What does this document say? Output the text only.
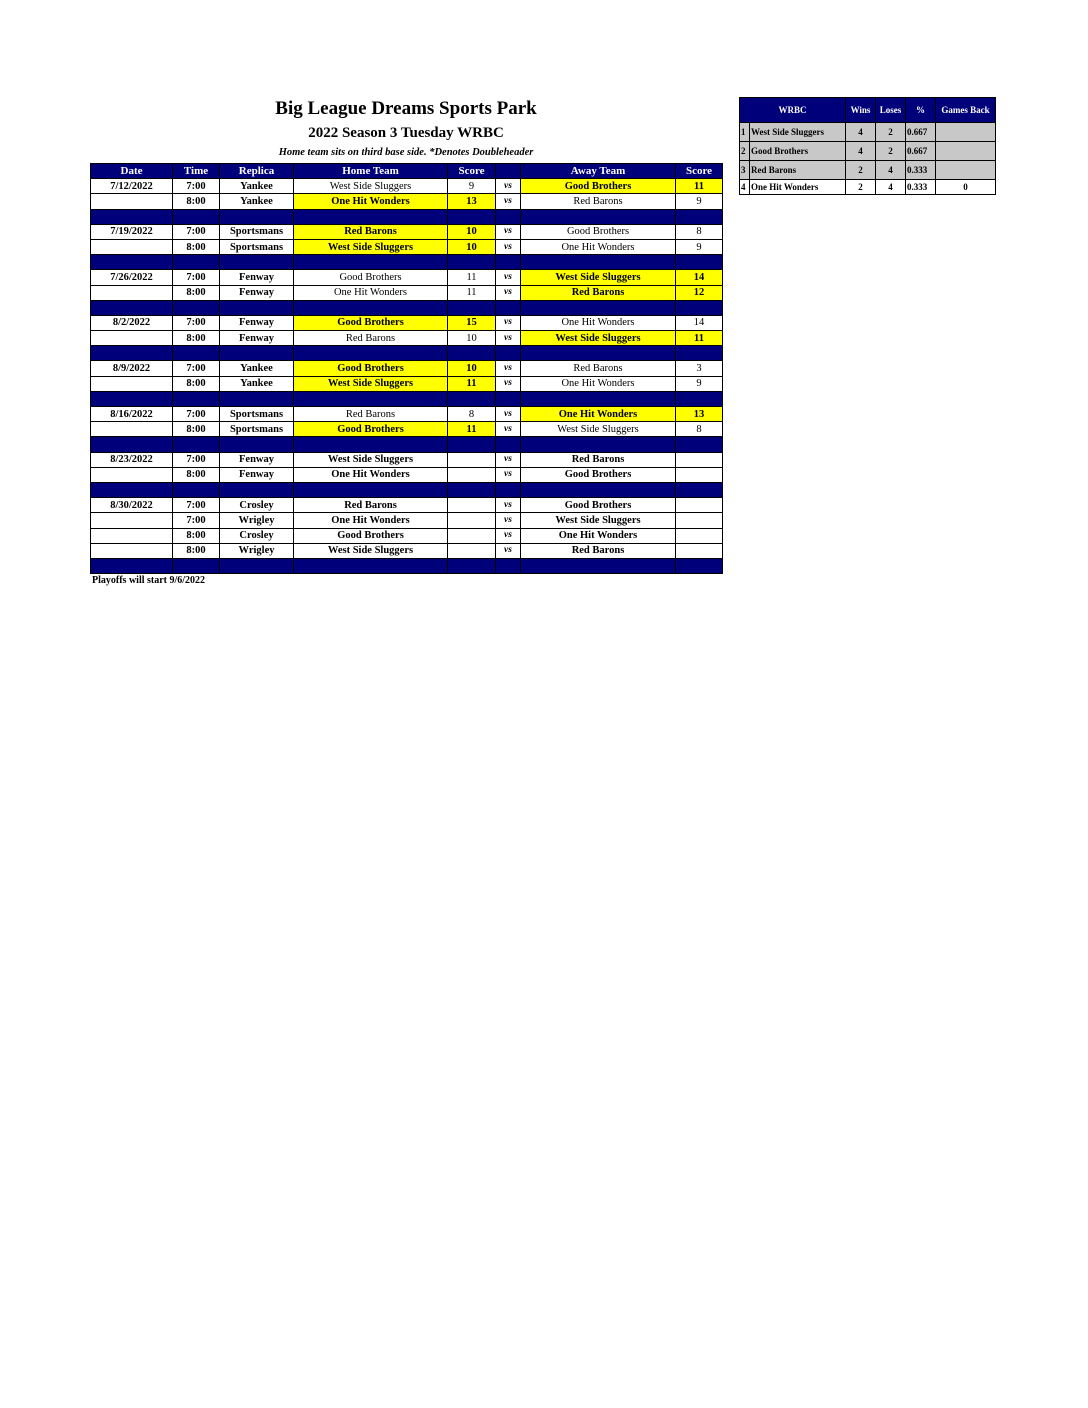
Big League Dreams Sports Park
2022 Season 3 Tuesday WRBC
Home team sits on third base side. *Denotes Doubleheader
Date	Time	Replica	Home Team	Score		Away Team	Score
7/12/2022	7:00	Yankee	West Side Sluggers	9	vs	Good Brothers	11
	8:00	Yankee	One Hit Wonders	13	vs	Red Barons	9

7/19/2022	7:00	Sportsmans	Red Barons	10	vs	Good Brothers	8
	8:00	Sportsmans	West Side Sluggers	10	vs	One Hit Wonders	9

7/26/2022	7:00	Fenway	Good Brothers	11	vs	West Side Sluggers	14
	8:00	Fenway	One Hit Wonders	11	vs	Red Barons	12

8/2/2022	7:00	Fenway	Good Brothers	15	vs	One Hit Wonders	14
	8:00	Fenway	Red Barons	10	vs	West Side Sluggers	11

8/9/2022	7:00	Yankee	Good Brothers	10	vs	Red Barons	3
	8:00	Yankee	West Side Sluggers	11	vs	One Hit Wonders	9

8/16/2022	7:00	Sportsmans	Red Barons	8	vs	One Hit Wonders	13
	8:00	Sportsmans	Good Brothers	11	vs	West Side Sluggers	8

8/23/2022	7:00	Fenway	West Side Sluggers		vs	Red Barons	
	8:00	Fenway	One Hit Wonders		vs	Good Brothers	

8/30/2022	7:00	Crosley	Red Barons		vs	Good Brothers	
	7:00	Wrigley	One Hit Wonders		vs	West Side Sluggers	
	8:00	Crosley	Good Brothers		vs	One Hit Wonders	
	8:00	Wrigley	West Side Sluggers		vs	Red Barons	

Playoffs will start 9/6/2022
WRBC		Wins	Loses	%	Games Back
1	West Side Sluggers	4	2	0.667	
2	Good Brothers	4	2	0.667	
3	Red Barons	2	4	0.333	
4	One Hit Wonders	2	4	0.333	0
